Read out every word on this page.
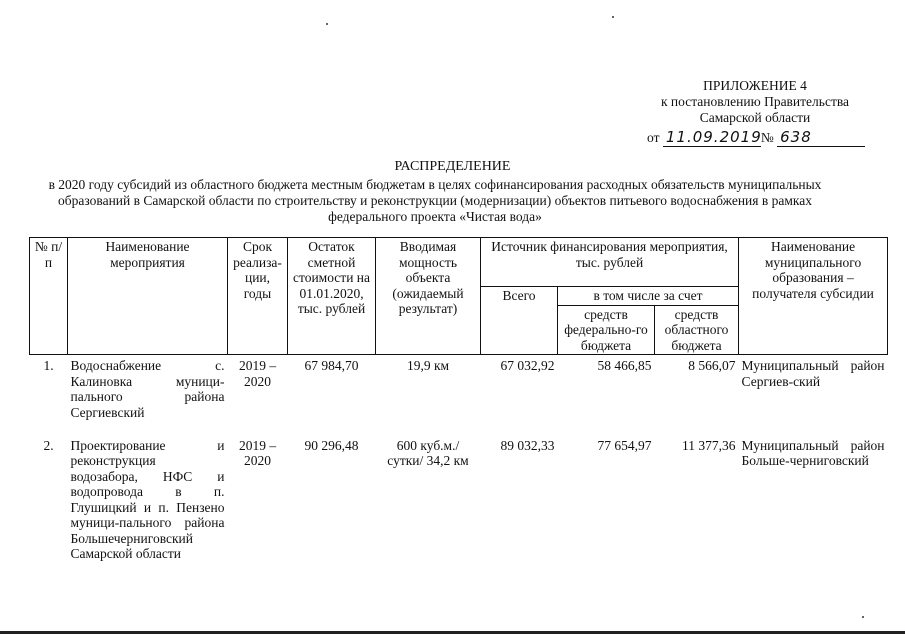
ПРИЛОЖЕНИЕ 4
к постановлению Правительства
Самарской области
от 11.09.2019№ 638
РАСПРЕДЕЛЕНИЕ
в 2020 году субсидий из областного бюджета местным бюджетам в целях софинансирования расходных обязательств муниципальных образований в Самарской области по строительству и реконструкции (модернизации) объектов питьевого водоснабжения в рамках федерального проекта «Чистая вода»
№ п/п	Наименование мероприятия	Срок реализа-ции, годы	Остаток сметной стоимости на 01.01.2020, тыс. рублей	Вводимая мощность объекта (ожидаемый результат)	Источник финансирования мероприятия, тыс. рублей			Наименование муниципального образования – получателя субсидии
					Всего	в том числе за счет		
						средств федерально-го бюджета	средств областного бюджета	
1.	Водоснабжение с. Калиновка муници-пального района Сергиевский	2019 – 2020	67 984,70	19,9 км	67 032,92	58 466,85	8 566,07	Муниципальный район Сергиев-ский
2.	Проектирование и реконструкция водозабора, НФС и водопровода в п. Глушицкий и п. Пензено муници-пального района Большечерниговский Самарской области	2019 – 2020	90 296,48	600 куб.м./ сутки/ 34,2 км	89 032,33	77 654,97	11 377,36	Муниципальный район Больше-черниговский
